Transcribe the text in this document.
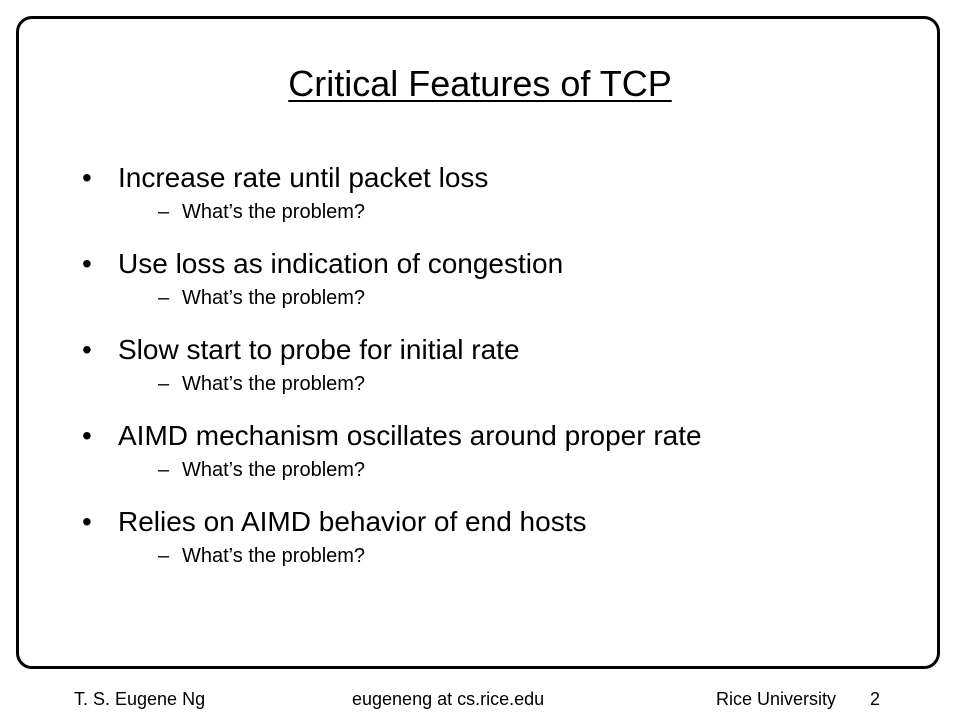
Critical Features of TCP
• Increase rate until packet loss
– What’s the problem?
• Use loss as indication of congestion
– What’s the problem?
• Slow start to probe for initial rate
– What’s the problem?
• AIMD mechanism oscillates around proper rate
– What’s the problem?
• Relies on AIMD behavior of end hosts
– What’s the problem?
T. S. Eugene Ng	eugeneng at cs.rice.edu	Rice University 2
